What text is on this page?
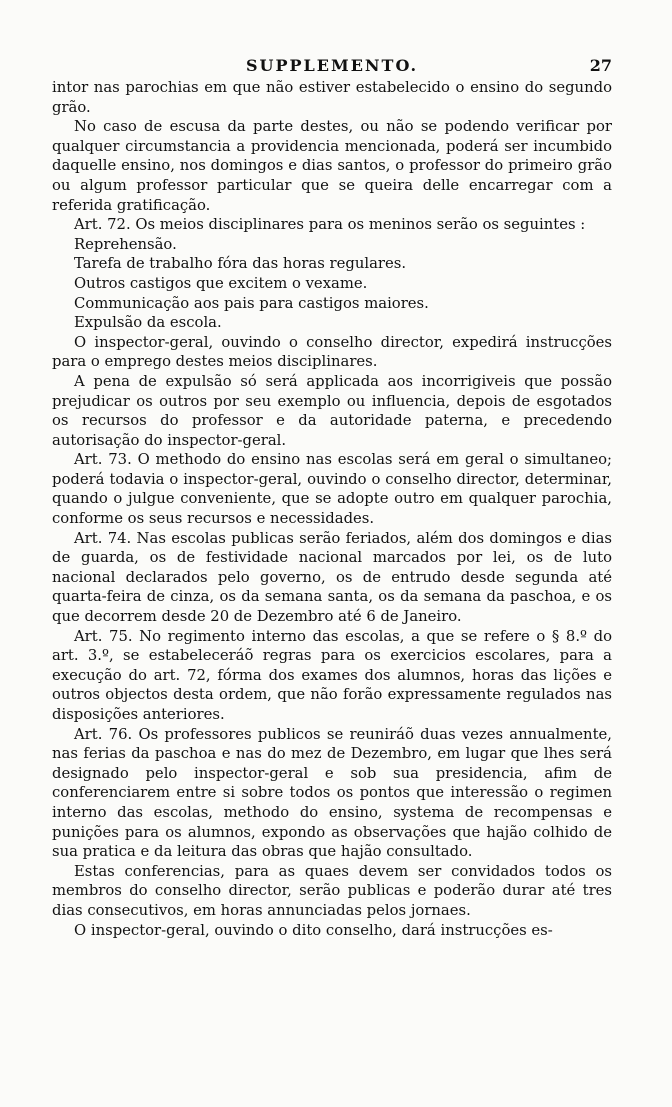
SUPPLEMENTO.	27

intor nas parochias em que não estiver estabelecido o ensino do segundo grão.

No caso de escusa da parte destes, ou não se podendo verificar por qualquer circumstancia a providencia mencionada, poderá ser incumbido daquelle ensino, nos domingos e dias santos, o professor do primeiro grão ou algum professor particular que se queira delle encarregar com a referida gratificação.

Art. 72. Os meios disciplinares para os meninos serão os seguintes :

Reprehensão.
Tarefa de trabalho fóra das horas regulares.
Outros castigos que excitem o vexame.
Communicação aos pais para castigos maiores.
Expulsão da escola.

O inspector-geral, ouvindo o conselho director, expedirá instrucções para o emprego destes meios disciplinares.

A pena de expulsão só será applicada aos incorrigiveis que possão prejudicar os outros por seu exemplo ou influencia, depois de esgotados os recursos do professor e da autoridade paterna, e precedendo autorisação do inspector-geral.

Art. 73. O methodo do ensino nas escolas será em geral o simultaneo; poderá todavia o inspector-geral, ouvindo o conselho director, determinar, quando o julgue conveniente, que se adopte outro em qualquer parochia, conforme os seus recursos e necessidades.

Art. 74. Nas escolas publicas serão feriados, além dos domingos e dias de guarda, os de festividade nacional marcados por lei, os de luto nacional declarados pelo governo, os de entrudo desde segunda até quarta-feira de cinza, os da semana santa, os da semana da paschoa, e os que decorrem desde 20 de Dezembro até 6 de Janeiro.

Art. 75. No regimento interno das escolas, a que se refere o § 8.º do art. 3.º, se estabeleceráõ regras para os exercicios escolares, para a execução do art. 72, fórma dos exames dos alumnos, horas das lições e outros objectos desta ordem, que não forão expressamente regulados nas disposições anteriores.

Art. 76. Os professores publicos se reuniráõ duas vezes annualmente, nas ferias da paschoa e nas do mez de Dezembro, em lugar que lhes será designado pelo inspector-geral e sob sua presidencia, afim de conferenciarem entre si sobre todos os pontos que interessão o regimen interno das escolas, methodo do ensino, systema de recompensas e punições para os alumnos, expondo as observações que hajão colhido de sua pratica e da leitura das obras que hajão consultado.

Estas conferencias, para as quaes devem ser convidados todos os membros do conselho director, serão publicas e poderão durar até tres dias consecutivos, em horas annunciadas pelos jornaes.

O inspector-geral, ouvindo o dito conselho, dará instrucções es-
